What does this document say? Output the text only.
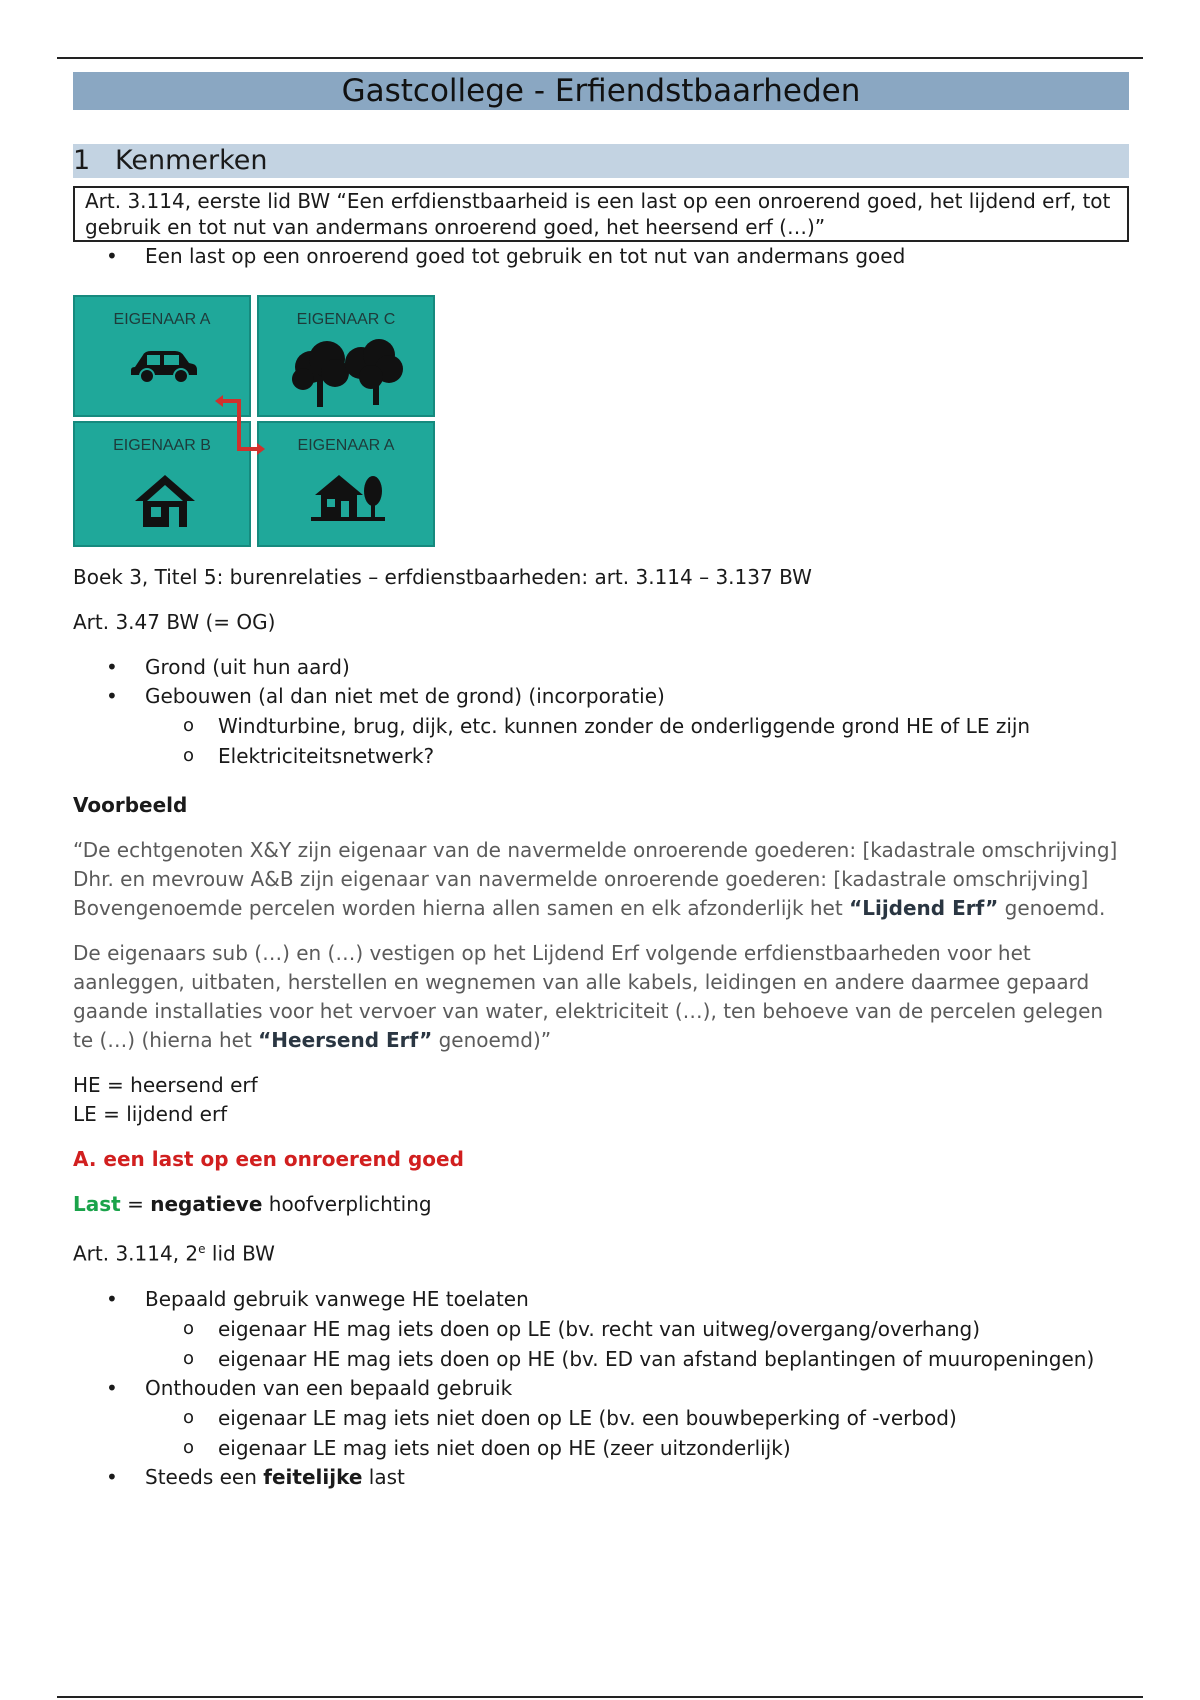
Gastcollege - Erfiendstbaarheden
1 Kenmerken
Art. 3.114, eerste lid BW “Een erfdienstbaarheid is een last op een onroerend goed, het lijdend erf, tot gebruik en tot nut van andermans onroerend goed, het heersend erf (…)”
• Een last op een onroerend goed tot gebruik en tot nut van andermans goed
EIGENAAR A	EIGENAAR C
EIGENAAR B	EIGENAAR A

Boek 3, Titel 5: burenrelaties – erfdienstbaarheden: art. 3.114 – 3.137 BW

Art. 3.47 BW (= OG)

• Grond (uit hun aard)
• Gebouwen (al dan niet met de grond) (incorporatie)
o Windturbine, brug, dijk, etc. kunnen zonder de onderliggende grond HE of LE zijn
o Elektriciteitsnetwerk?

Voorbeeld

“De echtgenoten X&Y zijn eigenaar van de navermelde onroerende goederen: [kadastrale omschrijving] Dhr. en mevrouw A&B zijn eigenaar van navermelde onroerende goederen: [kadastrale omschrijving] Bovengenoemde percelen worden hierna allen samen en elk afzonderlijk het “Lijdend Erf” genoemd.

De eigenaars sub (…) en (…) vestigen op het Lijdend Erf volgende erfdienstbaarheden voor het aanleggen, uitbaten, herstellen en wegnemen van alle kabels, leidingen en andere daarmee gepaard gaande installaties voor het vervoer van water, elektriciteit (…), ten behoeve van de percelen gelegen te (…) (hierna het “Heersend Erf” genoemd)”

HE = heersend erf

LE = lijdend erf

A. een last op een onroerend goed

Last = negatieve hoofverplichting

Art. 3.114, 2e lid BW

• Bepaald gebruik vanwege HE toelaten
o eigenaar HE mag iets doen op LE (bv. recht van uitweg/overgang/overhang)
o eigenaar HE mag iets doen op HE (bv. ED van afstand beplantingen of muuropeningen)
• Onthouden van een bepaald gebruik
o eigenaar LE mag iets niet doen op LE (bv. een bouwbeperking of -verbod)
o eigenaar LE mag iets niet doen op HE (zeer uitzonderlijk)
• Steeds een feitelijke last
